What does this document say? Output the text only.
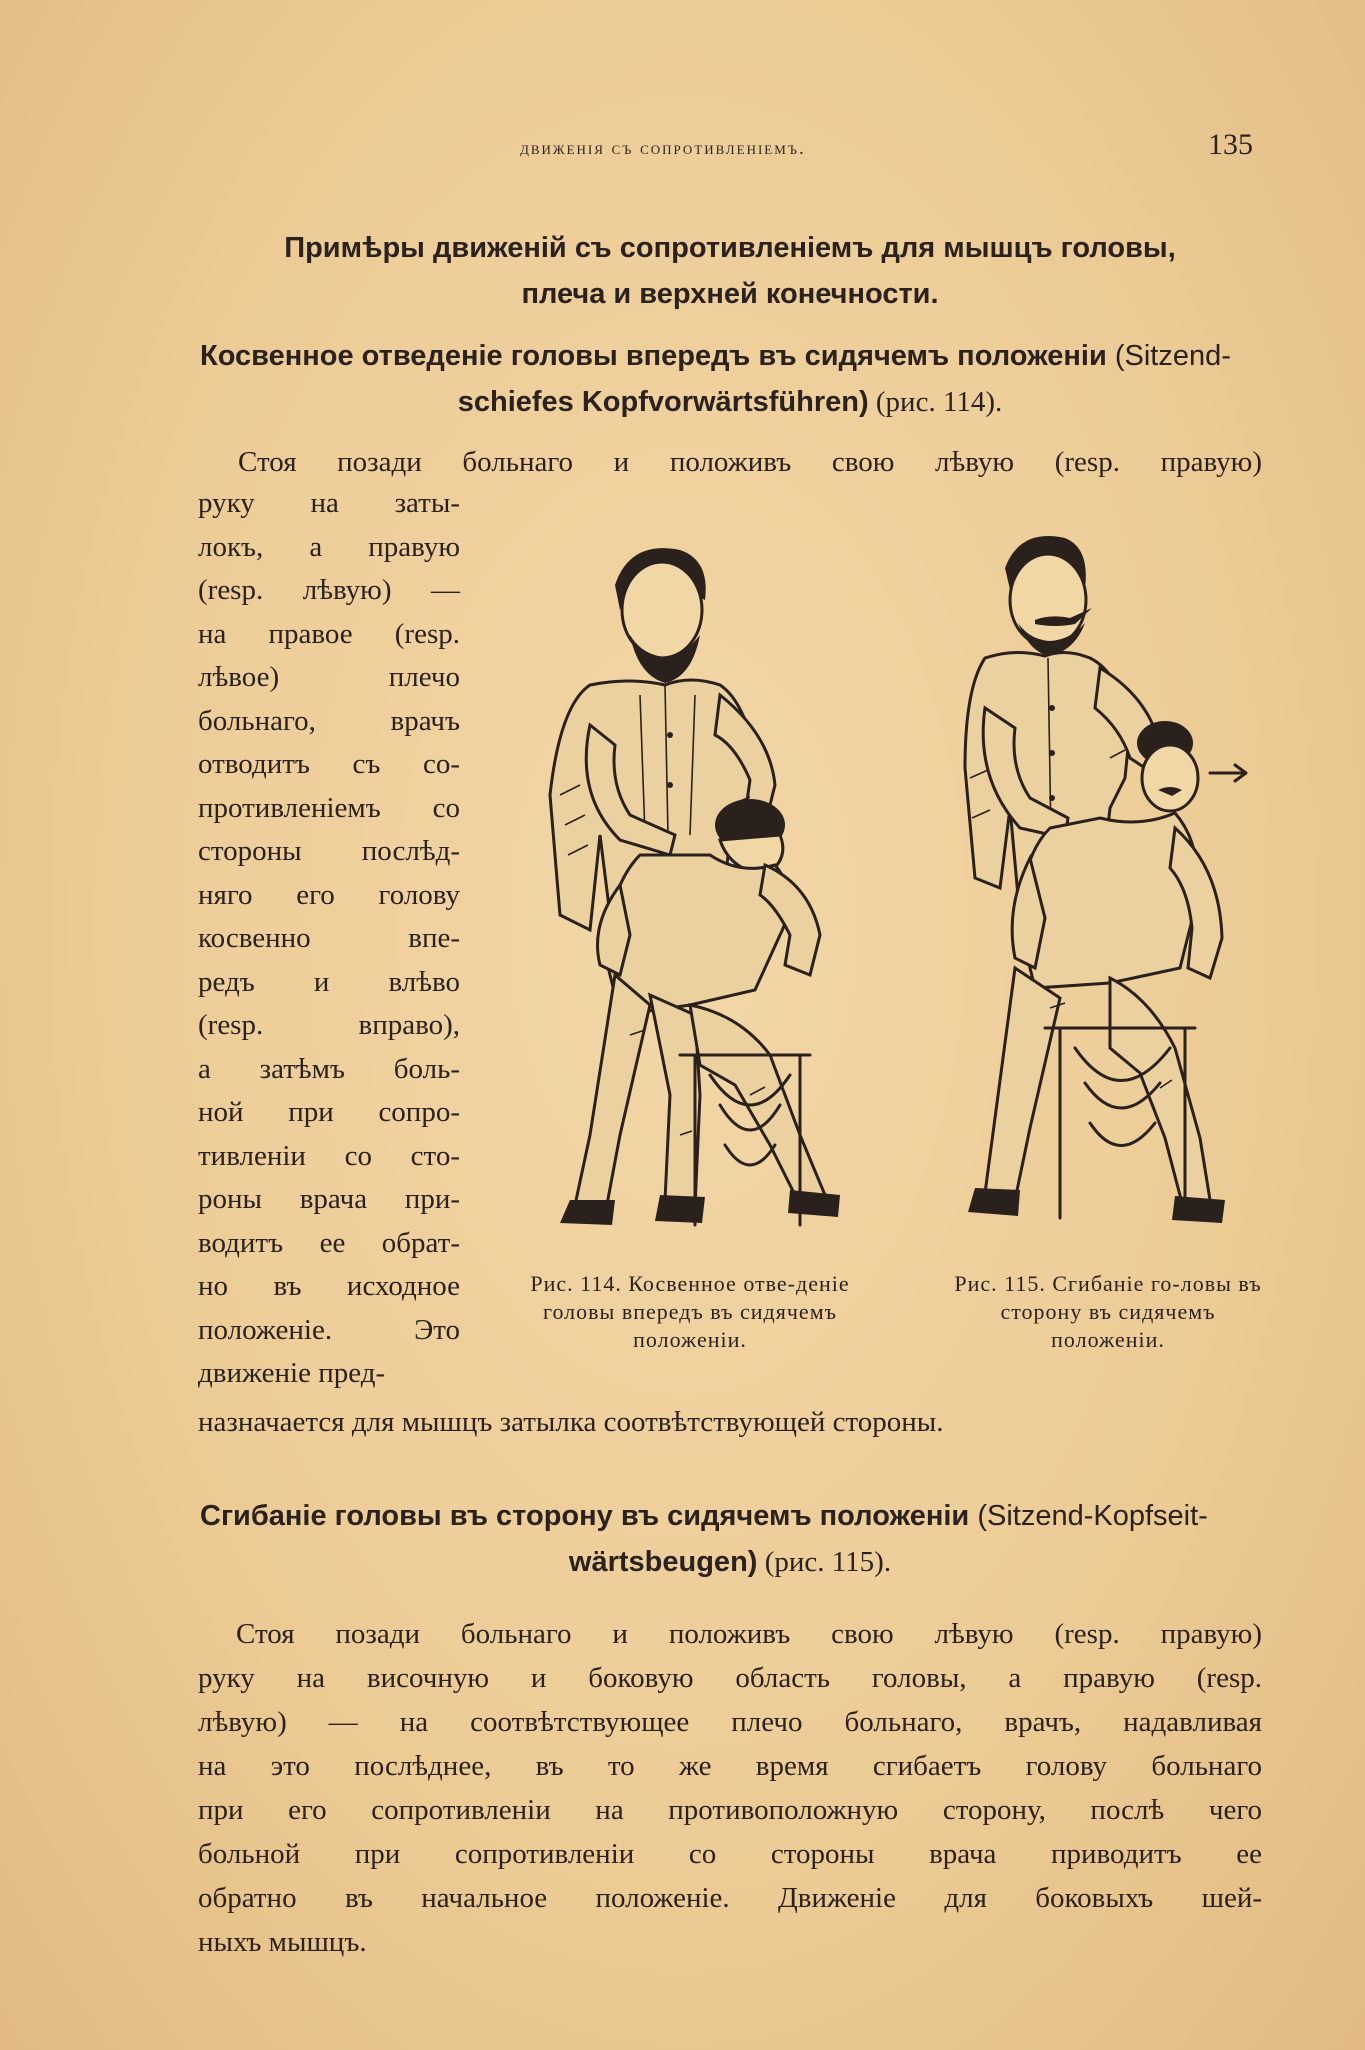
движенія съ сопротивленіемъ.	135
Примѣры движеній съ сопротивленіемъ для мышцъ головы,
плеча и верхней конечности.
Косвенное отведеніе головы впередъ въ сидячемъ положеніи (Sitzend-
schiefes Kopfvorwärtsführen) (рис. 114).
Стоя позади больнаго и положивъ свою лѣвую (resp. правую)
руку на заты-
локъ, а правую
(resp. лѣвую) —
на правое (resp.
лѣвое) плечо
больнаго, врачъ
отводитъ съ со-
противленіемъ со
стороны послѣд-
няго его голову
косвенно впе-
редъ и влѣво
(resp. вправо),
а затѣмъ боль-
ной при сопро-
тивленіи со сто-
роны врача при-
водитъ ее обрат-
но въ исходное
положеніе. Это
движеніе пред-
назначается для мышцъ затылка соотвѣтствующей стороны.
Рис. 114. Косвенное отве-деніе головы впередъ въ сидячемъ положеніи.
Рис. 115. Сгибаніе го-ловы въ сторону въ сидячемъ положеніи.
Сгибаніе головы въ сторону въ сидячемъ положеніи (Sitzend-Kopfseit-
wärtsbeugen) (рис. 115).
Стоя позади больнаго и положивъ свою лѣвую (resp. правую)
руку на височную и боковую область головы, а правую (resp.
лѣвую) — на соотвѣтствующее плечо больнаго, врачъ, надавливая
на это послѣднее, въ то же время сгибаетъ голову больнаго
при его сопротивленіи на противоположную сторону, послѣ чего
больной при сопротивленіи со стороны врача приводитъ ее
обратно въ начальное положеніе. Движеніе для боковыхъ шей-
ныхъ мышцъ.
